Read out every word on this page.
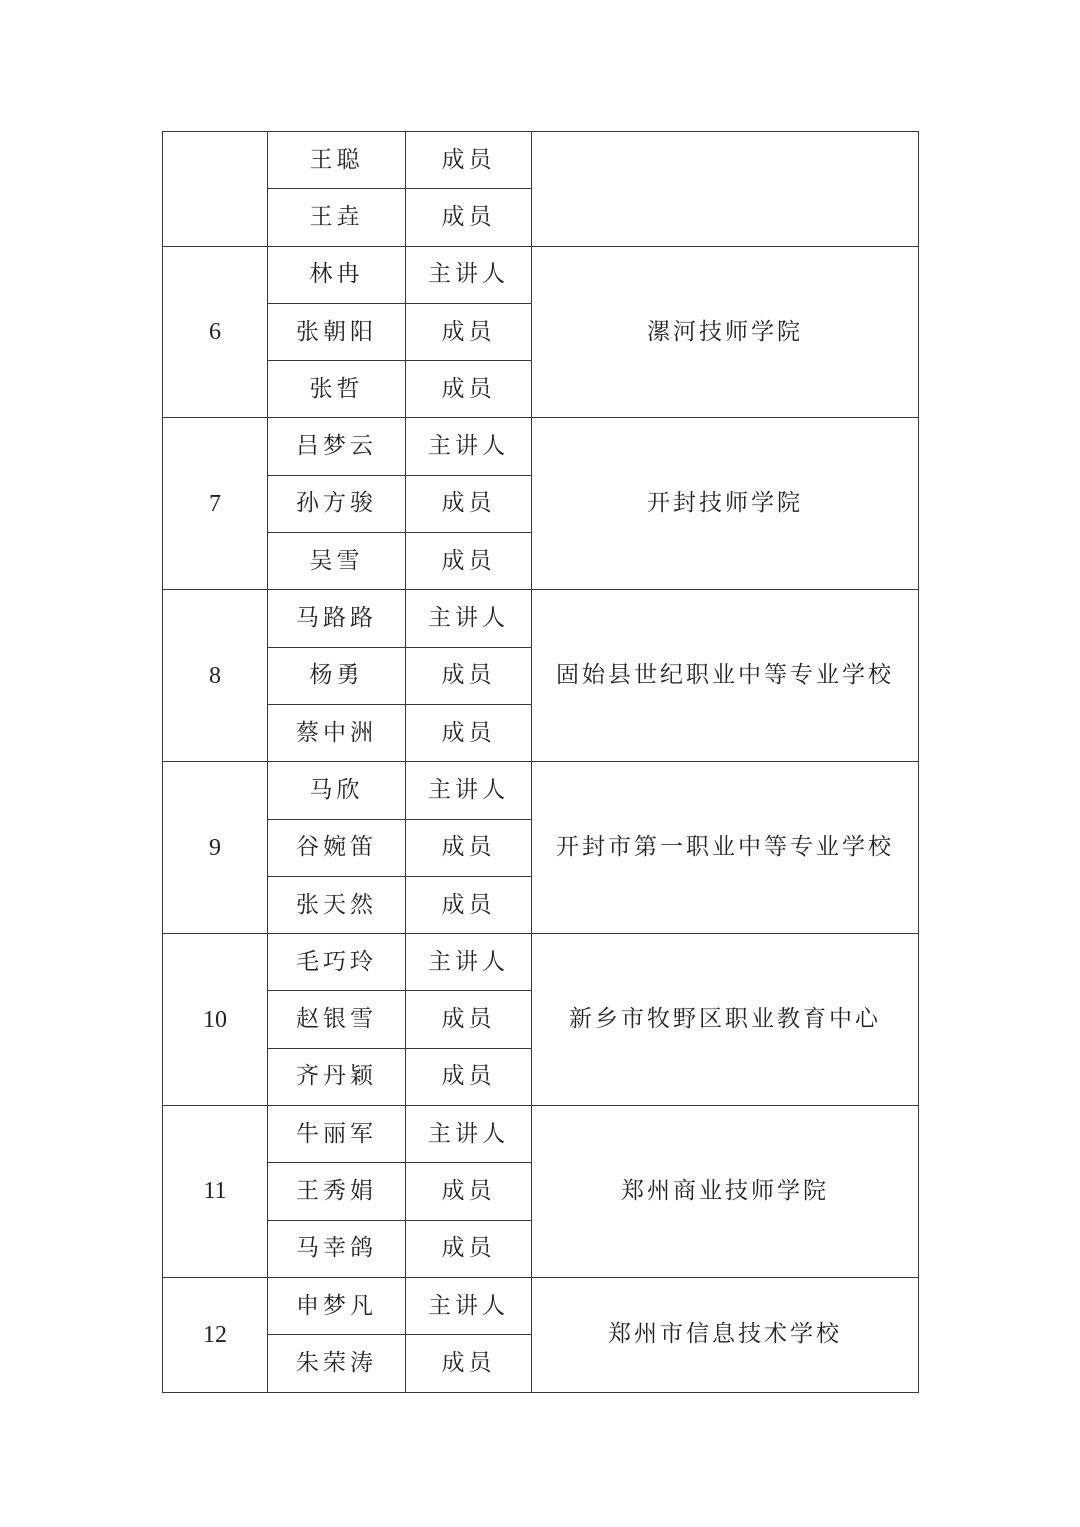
	王聪	成员	
	王垚	成员	
6	林冉	主讲人	漯河技师学院
	张朝阳	成员	
	张哲	成员	
7	吕梦云	主讲人	开封技师学院
	孙方骏	成员	
	吴雪	成员	
8	马路路	主讲人	固始县世纪职业中等专业学校
	杨勇	成员	
	蔡中洲	成员	
9	马欣	主讲人	开封市第一职业中等专业学校
	谷婉笛	成员	
	张天然	成员	
10	毛巧玲	主讲人	新乡市牧野区职业教育中心
	赵银雪	成员	
	齐丹颖	成员	
11	牛丽军	主讲人	郑州商业技师学院
	王秀娟	成员	
	马幸鸽	成员	
12	申梦凡	主讲人	郑州市信息技术学校
	朱荣涛	成员	
